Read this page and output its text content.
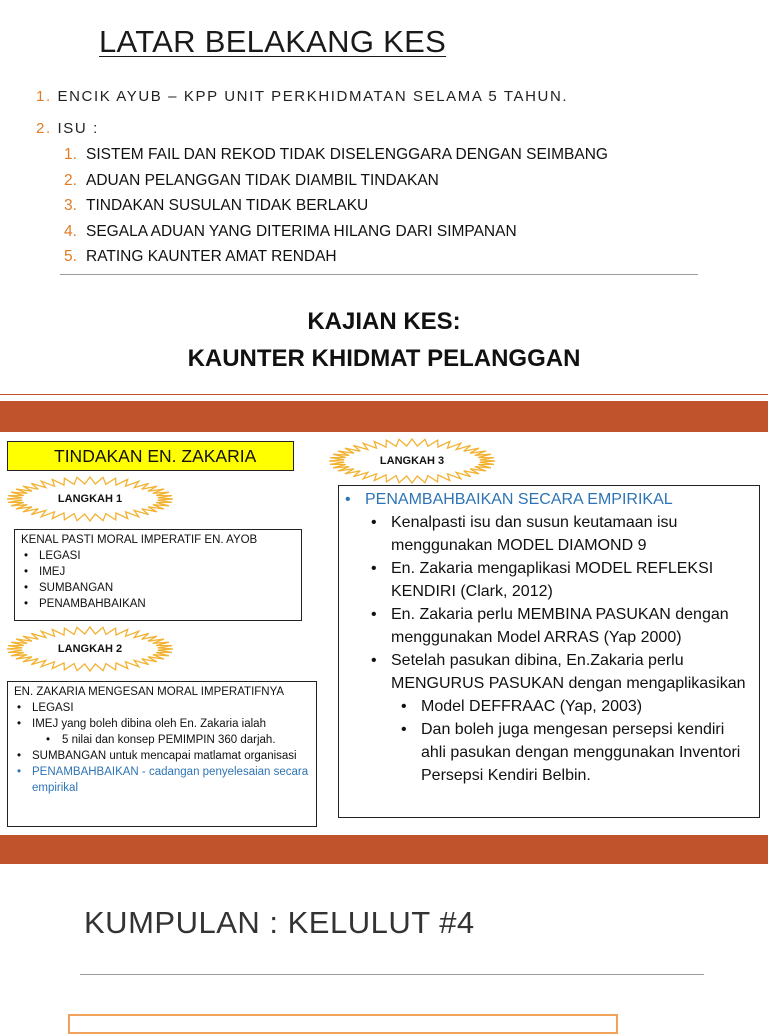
LATAR BELAKANG KES
1. ENCIK AYUB – KPP UNIT PERKHIDMATAN SELAMA 5 TAHUN.
2. ISU :
1. SISTEM FAIL DAN REKOD TIDAK DISELENGGARA DENGAN SEIMBANG
2. ADUAN PELANGGAN TIDAK DIAMBIL TINDAKAN
3. TINDAKAN SUSULAN TIDAK BERLAKU
4. SEGALA ADUAN YANG DITERIMA HILANG DARI SIMPANAN
5. RATING KAUNTER AMAT RENDAH
KAJIAN KES:
KAUNTER KHIDMAT PELANGGAN
TINDAKAN EN. ZAKARIA	LANGKAH 3
LANGKAH 1
KENAL PASTI MORAL IMPERATIF EN. AYOB
• LEGASI
• IMEJ
• SUMBANGAN
• PENAMBAHBAIKAN
LANGKAH 2
EN. ZAKARIA MENGESAN MORAL IMPERATIFNYA
• LEGASI
• IMEJ yang boleh dibina oleh En. Zakaria ialah
• 5 nilai dan konsep PEMIMPIN 360 darjah.
• SUMBANGAN untuk mencapai matlamat organisasi
• PENAMBAHBAIKAN - cadangan penyelesaian secara empirikal
• PENAMBAHBAIKAN SECARA EMPIRIKAL
• Kenalpasti isu dan susun keutamaan isu menggunakan MODEL DIAMOND 9
• En. Zakaria mengaplikasi MODEL REFLEKSI KENDIRI (Clark, 2012)
• En. Zakaria perlu MEMBINA PASUKAN dengan menggunakan Model ARRAS (Yap 2000)
• Setelah pasukan dibina, En.Zakaria perlu MENGURUS PASUKAN dengan mengaplikasikan
• Model DEFFRAAC (Yap, 2003)
• Dan boleh juga mengesan persepsi kendiri ahli pasukan dengan menggunakan Inventori Persepsi Kendiri Belbin.
KUMPULAN : KELULUT #4
